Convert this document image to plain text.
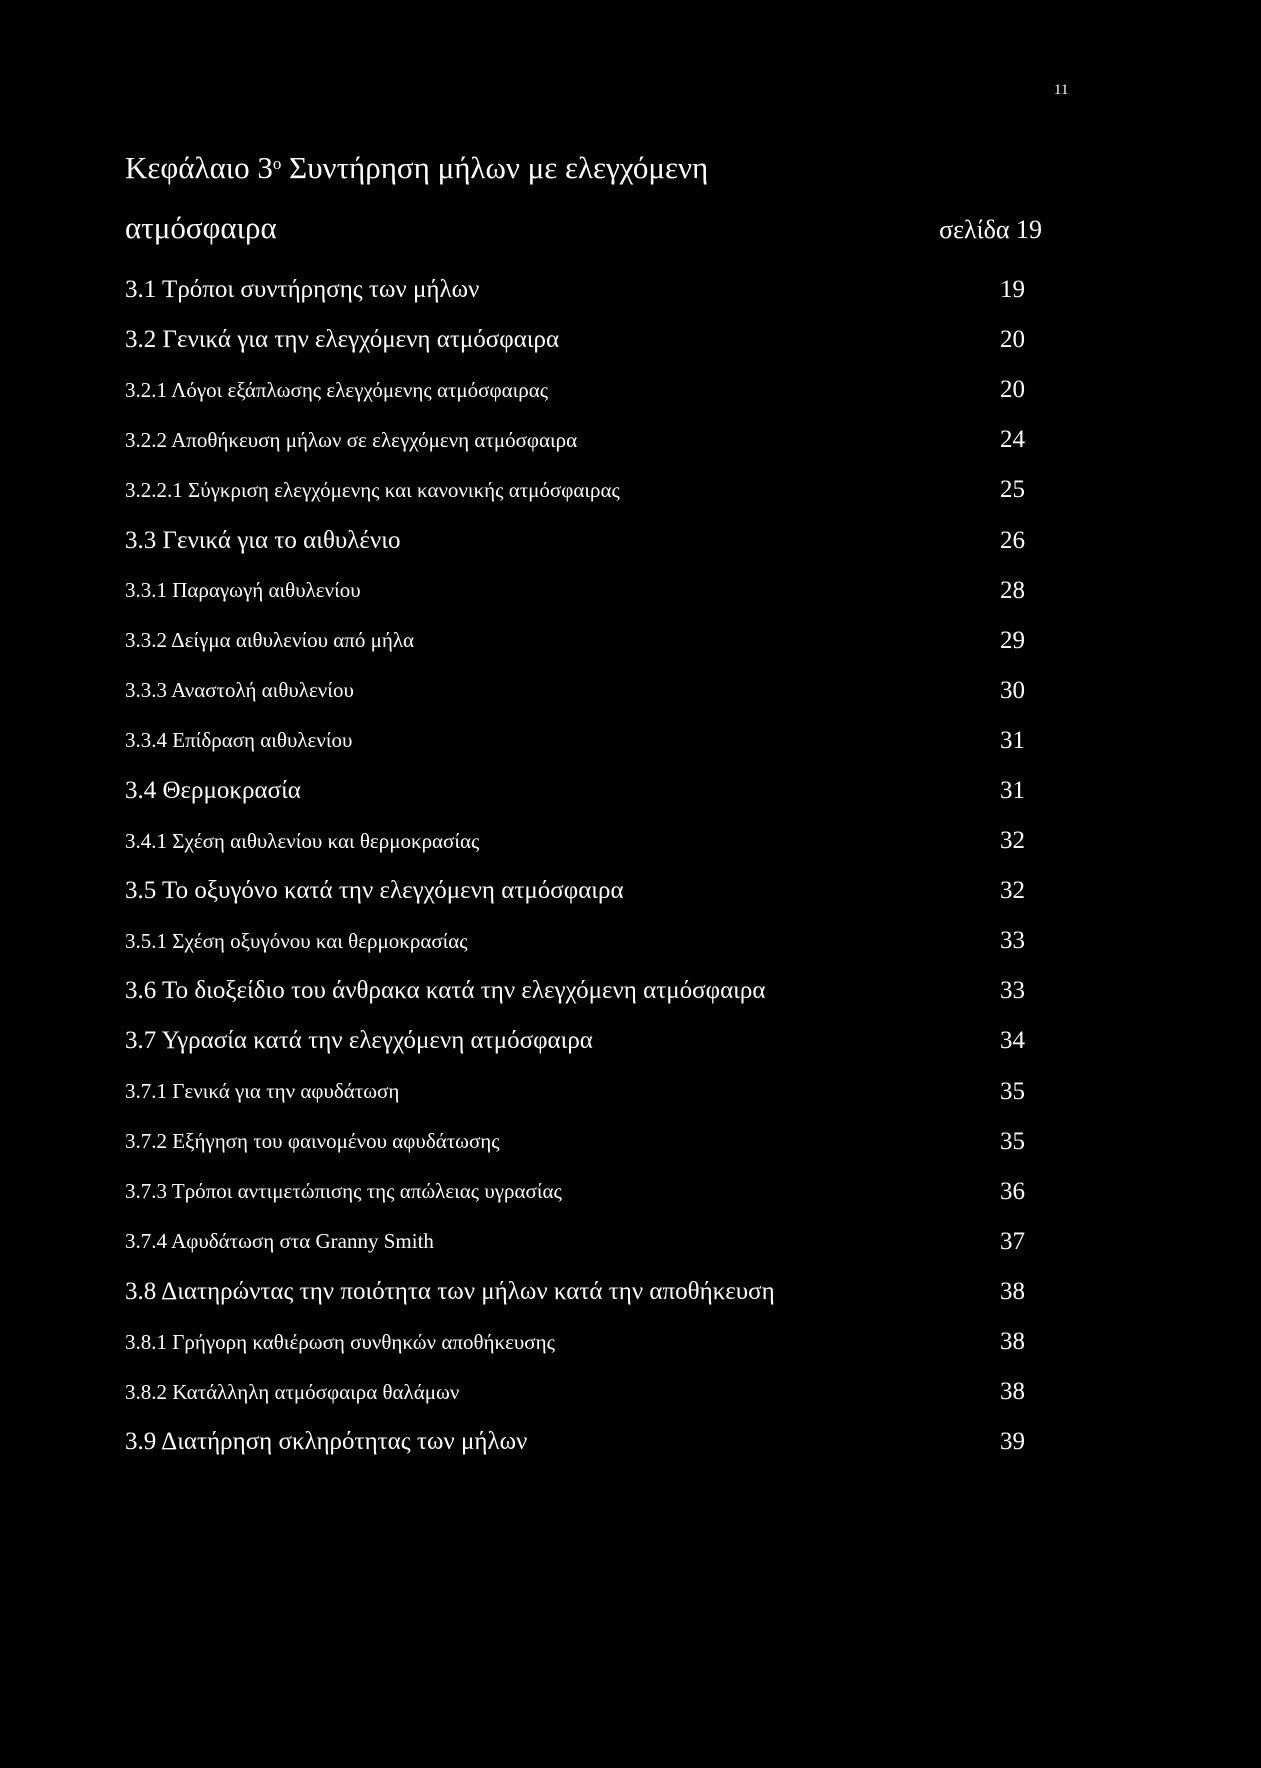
11
Κεφάλαιο $3^o$ Συντήρηση μήλων με ελεγχόμενη
ατμόσφαιρα	σελίδα 19
3.1 Τρόποι συντήρησης των μήλων	19
3.2 Γενικά για την ελεγχόμενη ατμόσφαιρα	20
3.2.1 Λόγοι εξάπλωσης ελεγχόμενης ατμόσφαιρας	20
3.2.2 Αποθήκευση μήλων σε ελεγχόμενη ατμόσφαιρα	24
3.2.2.1 Σύγκριση ελεγχόμενης και κανονικής ατμόσφαιρας	25
3.3 Γενικά για το αιθυλένιο	26
3.3.1 Παραγωγή αιθυλενίου	28
3.3.2 Δείγμα αιθυλενίου από μήλα	29
3.3.3 Αναστολή αιθυλενίου	30
3.3.4 Επίδραση αιθυλενίου	31
3.4 Θερμοκρασία	31
3.4.1 Σχέση αιθυλενίου και θερμοκρασίας	32
3.5 Το οξυγόνο κατά την ελεγχόμενη ατμόσφαιρα	32
3.5.1 Σχέση οξυγόνου και θερμοκρασίας	33
3.6 Το διοξείδιο του άνθρακα κατά την ελεγχόμενη ατμόσφαιρα	33
3.7 Υγρασία κατά την ελεγχόμενη ατμόσφαιρα	34
3.7.1 Γενικά για την αφυδάτωση	35
3.7.2 Εξήγηση του φαινομένου αφυδάτωσης	35
3.7.3 Τρόποι αντιμετώπισης της απώλειας υγρασίας	36
3.7.4 Αφυδάτωση στα Granny Smith	37
3.8 Διατηρώντας την ποιότητα των μήλων κατά την αποθήκευση	38
3.8.1 Γρήγορη καθιέρωση συνθηκών αποθήκευσης	38
3.8.2 Κατάλληλη ατμόσφαιρα θαλάμων	38
3.9 Διατήρηση σκληρότητας των μήλων	39
